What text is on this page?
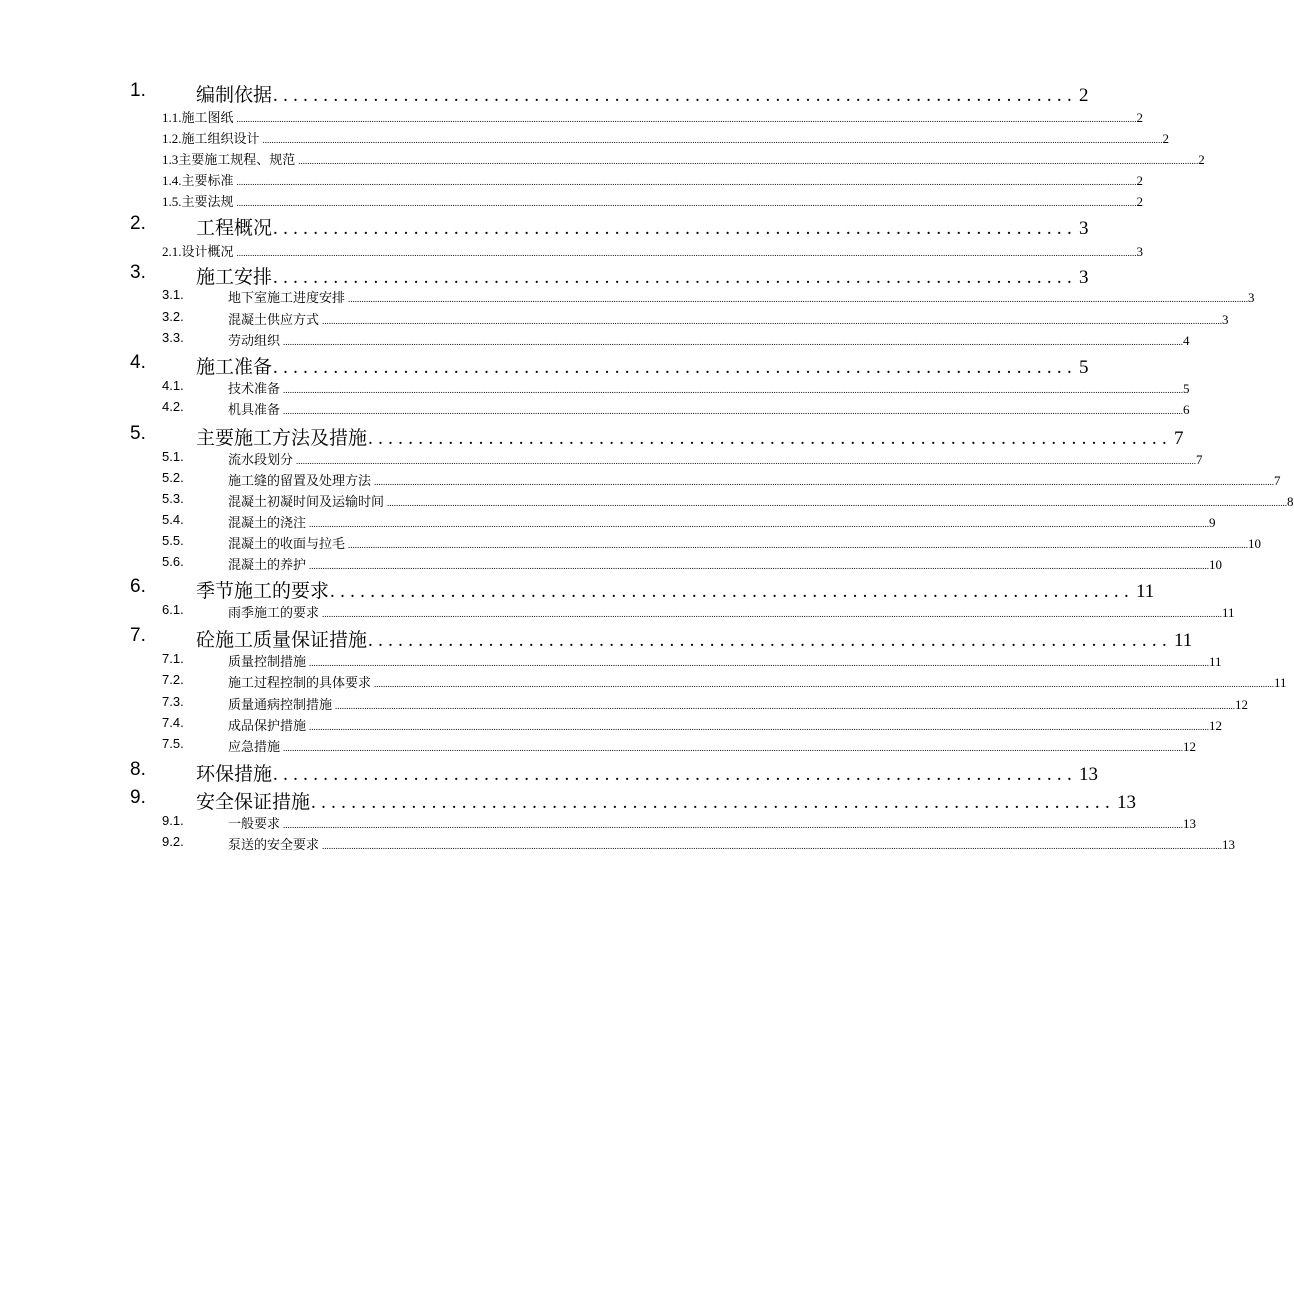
1.	编制依据 ................................................................................ 2
1.1. 施工图纸 ................................................................................................................................................................................................................................................................................................................................................................................................................ 2
1.2. 施工组织设计 ................................................................................................................................................................................................................................................................................................................................................................................................................ 2
1.3 主要施工规程、规范 ................................................................................................................................................................................................................................................................................................................................................................................................................ 2
1.4. 主要标准 ................................................................................................................................................................................................................................................................................................................................................................................................................ 2
1.5. 主要法规 ................................................................................................................................................................................................................................................................................................................................................................................................................ 2
2.	工程概况 ................................................................................ 3
2.1. 设计概况 ................................................................................................................................................................................................................................................................................................................................................................................................................ 3
3.	施工安排 ................................................................................ 3
3.1.	地下室施工进度安排 ................................................................................................................................................................................................................................................................................................................................................................................................................ 3
3.2.	混凝土供应方式 ................................................................................................................................................................................................................................................................................................................................................................................................................ 3
3.3.	劳动组织 ................................................................................................................................................................................................................................................................................................................................................................................................................ 4
4.	施工准备 ................................................................................ 5
4.1.	技术准备 ................................................................................................................................................................................................................................................................................................................................................................................................................ 5
4.2.	机具准备 ................................................................................................................................................................................................................................................................................................................................................................................................................ 6
5.	主要施工方法及措施 ................................................................................ 7
5.1.	流水段划分 ................................................................................................................................................................................................................................................................................................................................................................................................................ 7
5.2.	施工缝的留置及处理方法 ................................................................................................................................................................................................................................................................................................................................................................................................................ 7
5.3.	混凝土初凝时间及运输时间 ................................................................................................................................................................................................................................................................................................................................................................................................................ 8
5.4.	混凝土的浇注 ................................................................................................................................................................................................................................................................................................................................................................................................................ 9
5.5.	混凝土的收面与拉毛 ................................................................................................................................................................................................................................................................................................................................................................................................................ 10
5.6.	混凝土的养护 ................................................................................................................................................................................................................................................................................................................................................................................................................ 10
6.	季节施工的要求 ................................................................................ 11
6.1.	雨季施工的要求 ................................................................................................................................................................................................................................................................................................................................................................................................................ 11
7.	砼施工质量保证措施 ................................................................................ 11
7.1.	质量控制措施 ................................................................................................................................................................................................................................................................................................................................................................................................................ 11
7.2.	施工过程控制的具体要求 ................................................................................................................................................................................................................................................................................................................................................................................................................ 11
7.3.	质量通病控制措施 ................................................................................................................................................................................................................................................................................................................................................................................................................ 12
7.4.	成品保护措施 ................................................................................................................................................................................................................................................................................................................................................................................................................ 12
7.5.	应急措施 ................................................................................................................................................................................................................................................................................................................................................................................................................ 12
8.	环保措施 ................................................................................ 13
9.	安全保证措施 ................................................................................ 13
9.1.	一般要求 ................................................................................................................................................................................................................................................................................................................................................................................................................ 13
9.2.	泵送的安全要求 ................................................................................................................................................................................................................................................................................................................................................................................................................ 13
